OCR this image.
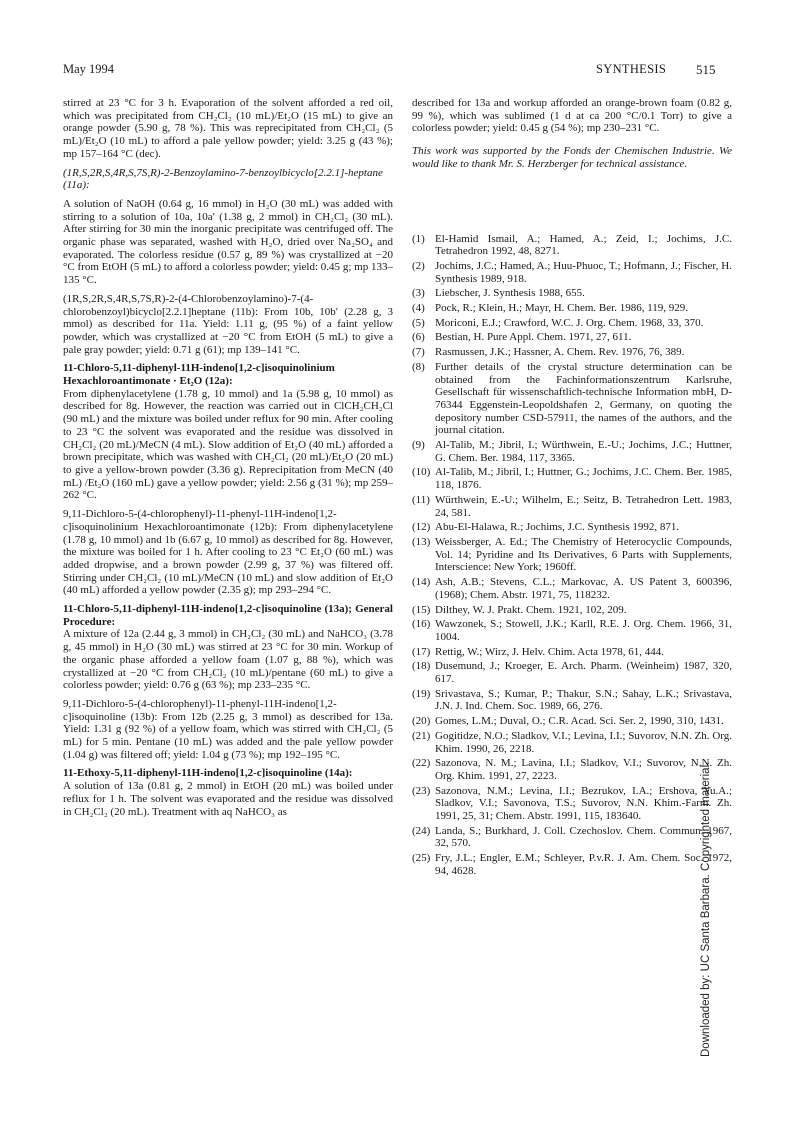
May 1994	SYNTHESIS 515

stirred at 23 °C for 3 h. Evaporation of the solvent afforded a red oil, which was precipitated from CH₂Cl₂ (10 mL)/Et₂O (15 mL) to give an orange powder (5.90 g, 78 %). This was reprecipitated from CH₂Cl₂ (5 mL)/Et₂O (10 mL) to afford a pale yellow powder; yield: 3.25 g (43 %); mp 157–164 °C (dec).

(1R,S,2R,S,4R,S,7S,R)-2-Benzoylamino-7-benzoylbicyclo[2.2.1]-heptane (11a):

A solution of NaOH (0.64 g, 16 mmol) in H₂O (30 mL) was added with stirring to a solution of 10a, 10a′ (1.38 g, 2 mmol) in CH₂Cl₂ (30 mL). After stirring for 30 min the inorganic precipitate was centrifuged off. The organic phase was separated, washed with H₂O, dried over Na₂SO₄ and evaporated. The colorless residue (0.57 g, 89 %) was crystallized at −20 °C from EtOH (5 mL) to afford a colorless powder; yield: 0.45 g; mp 133–135 °C.

(1R,S,2R,S,4R,S,7S,R)-2-(4-Chlorobenzoylamino)-7-(4-chlorobenzoyl)bicyclo[2.2.1]heptane (11b): From 10b, 10b′ (2.28 g, 3 mmol) as described for 11a. Yield: 1.11 g, (95 %) of a faint yellow powder, which was crystallized at −20 °C from EtOH (5 mL) to give a pale gray powder; yield: 0.71 g (61); mp 139–141 °C.

11-Chloro-5,11-diphenyl-11H-indeno[1,2-c]isoquinolinium Hexachloroantimonate · Et₂O (12a):

From diphenylacetylene (1.78 g, 10 mmol) and 1a (5.98 g, 10 mmol) as described for 8g. However, the reaction was carried out in ClCH₂CH₂Cl (90 mL) and the mixture was boiled under reflux for 90 min. After cooling to 23 °C the solvent was evaporated and the residue was dissolved in CH₂Cl₂ (20 mL)/MeCN (4 mL). Slow addition of Et₂O (40 mL) afforded a brown precipitate, which was washed with CH₂Cl₂ (20 mL)/Et₂O (20 mL) to give a yellow-brown powder (3.36 g). Reprecipitation from MeCN (40 mL) /Et₂O (160 mL) gave a yellow powder; yield: 2.56 g (31 %); mp 259–262 °C.

9,11-Dichloro-5-(4-chlorophenyl)-11-phenyl-11H-indeno[1,2-c]isoquinolinium Hexachloroantimonate (12b): From diphenylacetylene (1.78 g, 10 mmol) and 1b (6.67 g, 10 mmol) as described for 8g. However, the mixture was boiled for 1 h. After cooling to 23 °C Et₂O (60 mL) was added dropwise, and a brown powder (2.99 g, 37 %) was filtered off. Stirring under CH₂Cl₂ (10 mL)/MeCN (10 mL) and slow addition of Et₂O (40 mL) afforded a yellow powder (2.35 g); mp 293–294 °C.

11-Chloro-5,11-diphenyl-11H-indeno[1,2-c]isoquinoline (13a); General Procedure:

A mixture of 12a (2.44 g, 3 mmol) in CH₂Cl₂ (30 mL) and NaHCO₃ (3.78 g, 45 mmol) in H₂O (30 mL) was stirred at 23 °C for 30 min. Workup of the organic phase afforded a yellow foam (1.07 g, 88 %), which was crystallized at −20 °C from CH₂Cl₂ (10 mL)/pentane (60 mL) to give a colorless powder; yield: 0.76 g (63 %); mp 233–235 °C.

9,11-Dichloro-5-(4-chlorophenyl)-11-phenyl-11H-indeno[1,2-c]isoquinoline (13b): From 12b (2.25 g, 3 mmol) as described for 13a. Yield: 1.31 g (92 %) of a yellow foam, which was stirred with CH₂Cl₂ (5 mL) for 5 min. Pentane (10 mL) was added and the pale yellow powder (1.04 g) was filtered off; yield: 1.04 g (73 %); mp 192–195 °C.

11-Ethoxy-5,11-diphenyl-11H-indeno[1,2-c]isoquinoline (14a):

A solution of 13a (0.81 g, 2 mmol) in EtOH (20 mL) was boiled under reflux for 1 h. The solvent was evaporated and the residue was dissolved in CH₂Cl₂ (20 mL). Treatment with aq NaHCO₃ as

described for 13a and workup afforded an orange-brown foam (0.82 g, 99 %), which was sublimed (1 d at ca 200 °C/0.1 Torr) to give a colorless powder; yield: 0.45 g (54 %); mp 230–231 °C.

This work was supported by the Fonds der Chemischen Industrie. We would like to thank Mr. S. Herzberger for technical assistance.

(1) El-Hamid Ismail, A.; Hamed, A.; Zeid, I.; Jochims, J.C. Tetrahedron 1992, 48, 8271.
(2) Jochims, J.C.; Hamed, A.; Huu-Phuoc, T.; Hofmann, J.; Fischer, H. Synthesis 1989, 918.
(3) Liebscher, J. Synthesis 1988, 655.
(4) Pock, R.; Klein, H.; Mayr, H. Chem. Ber. 1986, 119, 929.
(5) Moriconi, E.J.; Crawford, W.C. J. Org. Chem. 1968, 33, 370.
(6) Bestian, H. Pure Appl. Chem. 1971, 27, 611.
(7) Rasmussen, J.K.; Hassner, A. Chem. Rev. 1976, 76, 389.
(8) Further details of the crystal structure determination can be obtained from the Fachinformationszentrum Karlsruhe, Gesellschaft für wissenschaftlich-technische Information mbH, D-76344 Eggenstein-Leopoldshafen 2, Germany, on quoting the depository number CSD-57911, the names of the authors, and the journal citation.
(9) Al-Talib, M.; Jibril, I.; Würthwein, E.-U.; Jochims, J.C.; Huttner, G. Chem. Ber. 1984, 117, 3365.
(10) Al-Talib, M.; Jibril, I.; Huttner, G.; Jochims, J.C. Chem. Ber. 1985, 118, 1876.
(11) Würthwein, E.-U.; Wilhelm, E.; Seitz, B. Tetrahedron Lett. 1983, 24, 581.
(12) Abu-El-Halawa, R.; Jochims, J.C. Synthesis 1992, 871.
(13) Weissberger, A. Ed.; The Chemistry of Heterocyclic Compounds, Vol. 14; Pyridine and Its Derivatives, 6 Parts with Supplements, Interscience: New York; 1960ff.
(14) Ash, A.B.; Stevens, C.L.; Markovac, A. US Patent 3, 600396, (1968); Chem. Abstr. 1971, 75, 118232.
(15) Dilthey, W. J. Prakt. Chem. 1921, 102, 209.
(16) Wawzonek, S.; Stowell, J.K.; Karll, R.E. J. Org. Chem. 1966, 31, 1004.
(17) Rettig, W.; Wirz, J. Helv. Chim. Acta 1978, 61, 444.
(18) Dusemund, J.; Kroeger, E. Arch. Pharm. (Weinheim) 1987, 320, 617.
(19) Srivastava, S.; Kumar, P.; Thakur, S.N.; Sahay, L.K.; Srivastava, J.N. J. Ind. Chem. Soc. 1989, 66, 276.
(20) Gomes, L.M.; Duval, O.; C.R. Acad. Sci. Ser. 2, 1990, 310, 1431.
(21) Gogitidze, N.O.; Sladkov, V.I.; Levina, I.I.; Suvorov, N.N. Zh. Org. Khim. 1990, 26, 2218.
(22) Sazonova, N. M.; Lavina, I.I.; Sladkov, V.I.; Suvorov, N.N. Zh. Org. Khim. 1991, 27, 2223.
(23) Sazonova, N.M.; Levina, I.I.; Bezrukov, I.A.; Ershova, Yu.A.; Sladkov, V.I.; Savonova, T.S.; Suvorov, N.N. Khim.-Farm. Zh. 1991, 25, 31; Chem. Abstr. 1991, 115, 183640.
(24) Landa, S.; Burkhard, J. Coll. Czechoslov. Chem. Commun. 1967, 32, 570.
(25) Fry, J.L.; Engler, E.M.; Schleyer, P.v.R. J. Am. Chem. Soc. 1972, 94, 4628.	Downloaded by: UC Santa Barbara. Copyrighted material.
